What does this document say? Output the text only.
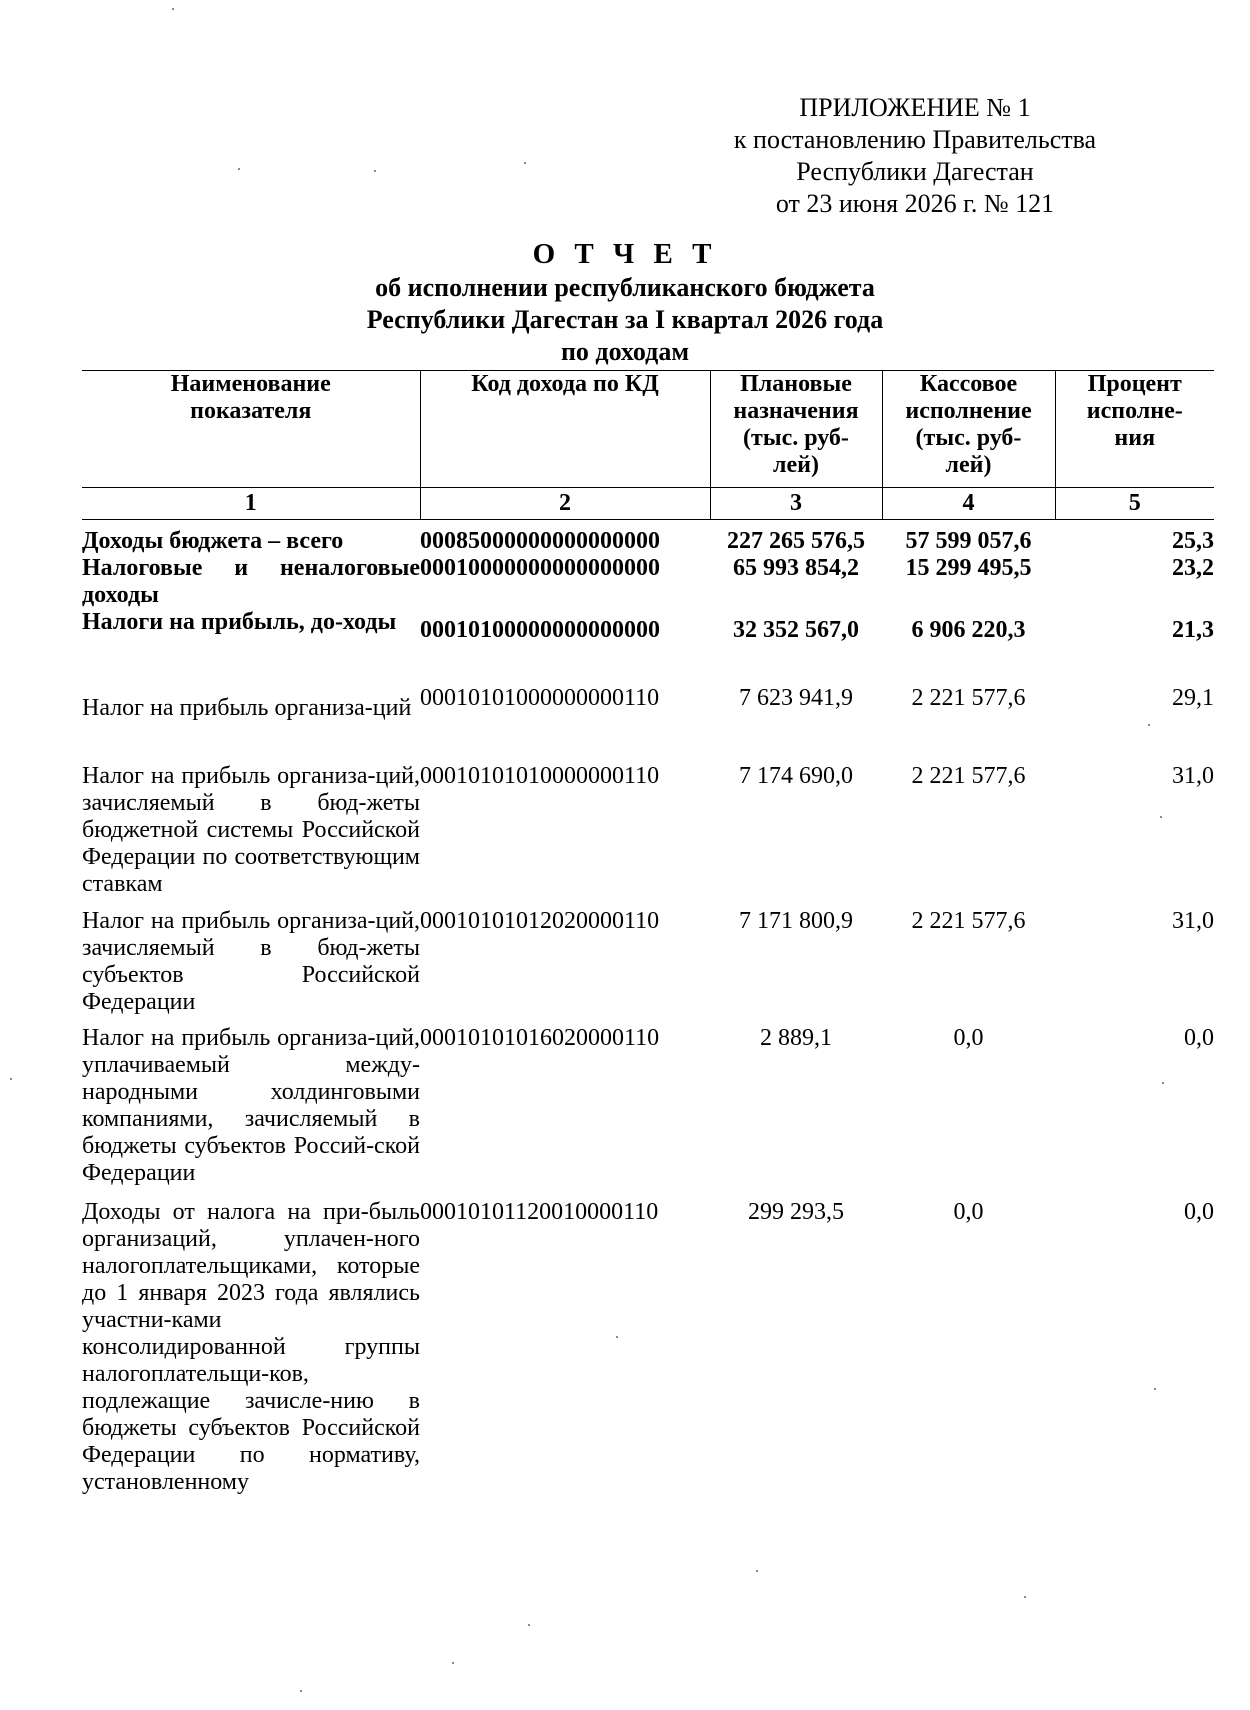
ПРИЛОЖЕНИЕ № 1
к постановлению Правительства
Республики Дагестан
от 23 июня 2026 г. № 121
О Т Ч Е Т
об исполнении республиканского бюджета
Республики Дагестан за I квартал 2026 года
по доходам
Наименование показателя	Код дохода по КД	Плановые назначения (тыс. руб-лей)	Кассовое исполнение (тыс. руб-лей)	Процент исполне-ния
1	2	3	4	5
Доходы бюджета – всего	00085000000000000000	227 265 576,5	57 599 057,6	25,3
Налоговые и неналоговые доходы	00010000000000000000	65 993 854,2	15 299 495,5	23,2
Налоги на прибыль, до-ходы	00010100000000000000	32 352 567,0	6 906 220,3	21,3
Налог на прибыль организа-ций	00010101000000000110	7 623 941,9	2 221 577,6	29,1
Налог на прибыль организа-ций, зачисляемый в бюд-жеты бюджетной системы Российской Федерации по соответствующим ставкам	00010101010000000110	7 174 690,0	2 221 577,6	31,0
Налог на прибыль организа-ций, зачисляемый в бюд-жеты субъектов Российской Федерации	00010101012020000110	7 171 800,9	2 221 577,6	31,0
Налог на прибыль организа-ций, уплачиваемый между-народными холдинговыми компаниями, зачисляемый в бюджеты субъектов Россий-ской Федерации	00010101016020000110	2 889,1	0,0	0,0
Доходы от налога на при-быль организаций, уплачен-ного налогоплательщиками, которые до 1 января 2023 года являлись участни-ками консолидированной группы налогоплательщи-ков, подлежащие зачисле-нию в бюджеты субъектов Российской Федерации по нормативу, установленному	00010101120010000110	299 293,5	0,0	0,0
